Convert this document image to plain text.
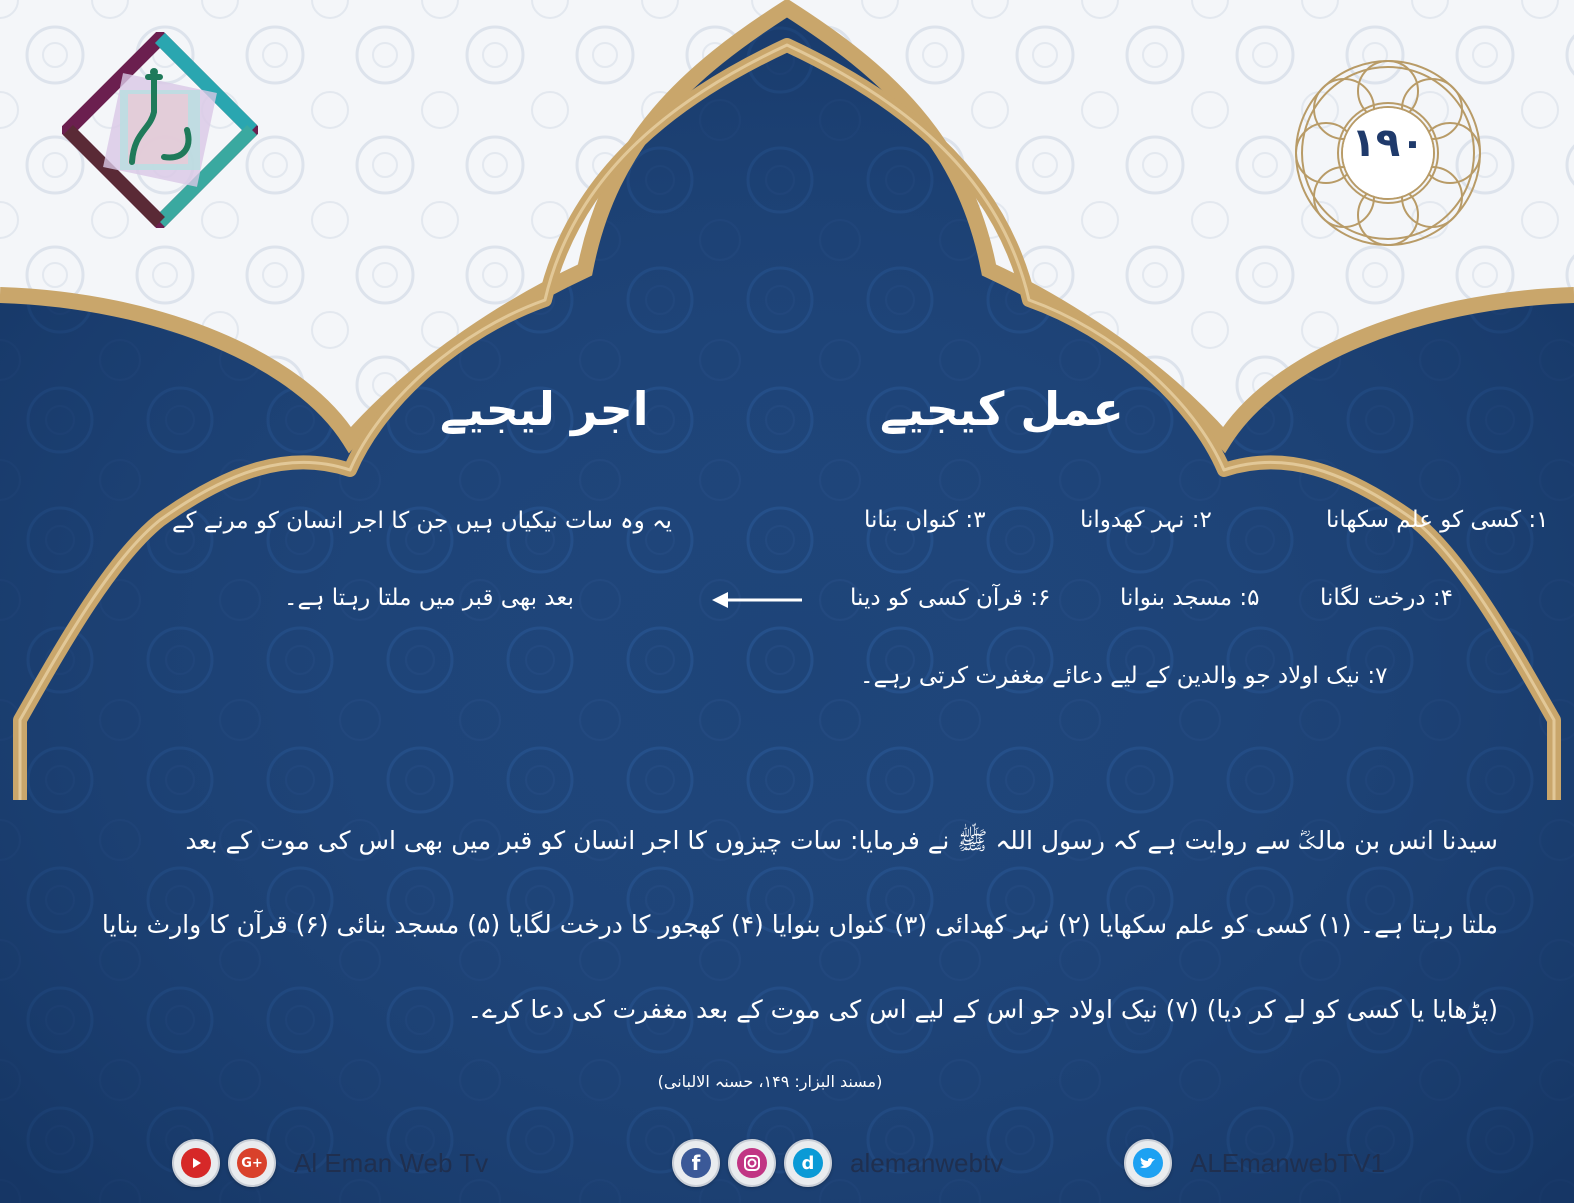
۱۹۰
عمل کیجیے
اجر لیجیے
۱: کسی کو علم سکھانا
۲: نہر کھدوانا
۳: کنواں بنانا
۴: درخت لگانا
۵: مسجد بنوانا
۶: قرآن کسی کو دینا
۷: نیک اولاد جو والدین کے لیے دعائے مغفرت کرتی رہے۔
یہ وہ سات نیکیاں ہیں جن کا اجر انسان کو مرنے کے
بعد بھی قبر میں ملتا رہتا ہے۔
سیدنا انس بن مالکؓ سے روایت ہے کہ رسول اللہ ﷺ نے فرمایا: سات چیزوں کا اجر انسان کو قبر میں بھی اس کی موت کے بعد
ملتا رہتا ہے۔ (۱) کسی کو علم سکھایا (۲) نہر کھدائی (۳) کنواں بنوایا (۴) کھجور کا درخت لگایا (۵) مسجد بنائی (۶) قرآن کا وارث بنایا
(پڑھایا یا کسی کو لے کر دیا) (۷) نیک اولاد جو اس کے لیے اس کی موت کے بعد مغفرت کی دعا کرے۔
(مسند البزار: ۱۴۹، حسنہ الالبانی)
G+ Al Eman Web Tv	f	d	alemanwebtv	ALEmanwebTV1
